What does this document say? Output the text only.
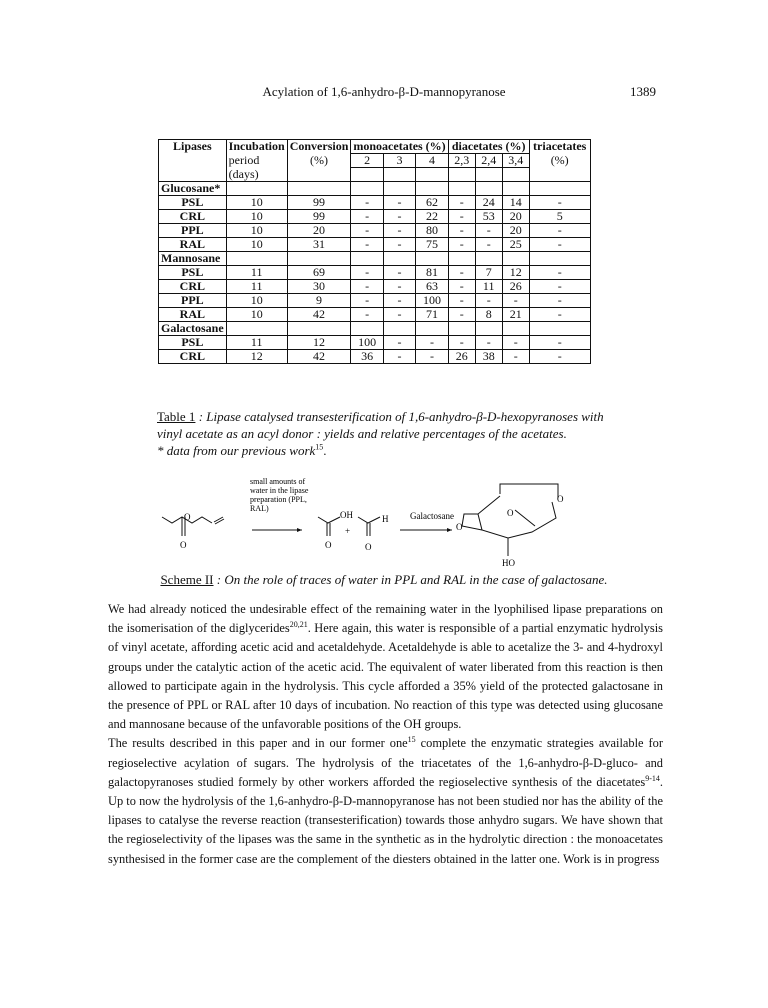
Acylation of 1,6-anhydro-β-D-mannopyranose	1389
Lipases	Incubation	Conversion	monoacetates (%)			diacetates (%)			triacetates
	period	(%)	2	3	4	2,3	2,4	3,4	(%)
	(days)								
Glucosane*									
PSL	10	99	-	-	62	-	24	14	-
CRL	10	99	-	-	22	-	53	20	5
PPL	10	20	-	-	80	-	-	20	-
RAL	10	31	-	-	75	-	-	25	-
Mannosane									
PSL	11	69	-	-	81	-	7	12	-
CRL	11	30	-	-	63	-	11	26	-
PPL	10	9	-	-	100	-	-	-	-
RAL	10	42	-	-	71	-	8	21	-
Galactosane									
PSL	11	12	100	-	-	-	-	-	-
CRL	12	42	36	-	-	26	38	-	-
Table 1 : Lipase catalysed transesterification of 1,6-anhydro-β-D-hexopyranoses with vinyl acetate as an acyl donor : yields and relative percentages of the acetates.
* data from our previous work$^{15}$.
small amounts of
water in the lipase
preparation (PPL,
RAL)
O
O
OH
+
O
H
O
Galactosane
O
O
O
HO
Scheme II : On the role of traces of water in PPL and RAL in the case of galactosane.

We had already noticed the undesirable effect of the remaining water in the lyophilised lipase preparations on the isomerisation of the diglycerides$^{20,21}$. Here again, this water is responsible of a partial enzymatic hydrolysis of vinyl acetate, affording acetic acid and acetaldehyde. Acetaldehyde is able to acetalize the 3- and 4-hydroxyl groups under the catalytic action of the acetic acid. The equivalent of water liberated from this reaction is then allowed to participate again in the hydrolysis. This cycle afforded a 35% yield of the protected galactosane in the presence of PPL or RAL after 10 days of incubation. No reaction of this type was detected using glucosane and mannosane because of the unfavorable positions of the OH groups.

The results described in this paper and in our former one$^{15}$ complete the enzymatic strategies available for regioselective acylation of sugars. The hydrolysis of the triacetates of the 1,6-anhydro-β-D-gluco- and galactopyranoses studied formely by other workers afforded the regioselective synthesis of the diacetates$^{9-14}$. Up to now the hydrolysis of the 1,6-anhydro-β-D-mannopyranose has not been studied nor has the ability of the lipases to catalyse the reverse reaction (transesterification) towards those anhydro sugars. We have shown that the regioselectivity of the lipases was the same in the synthetic as in the hydrolytic direction : the monoacetates synthesised in the former case are the complement of the diesters obtained in the latter one. Work is in progress
